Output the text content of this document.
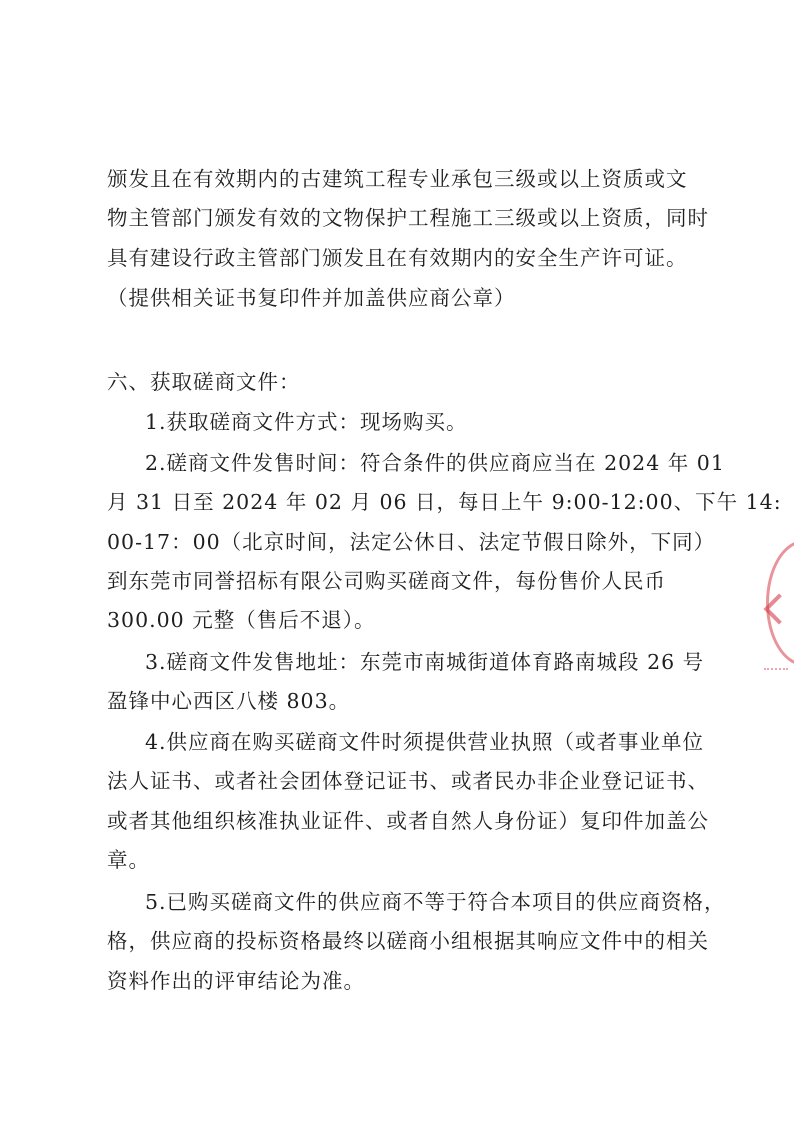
颁发且在有效期内的古建筑工程专业承包三级或以上资质或文
物主管部门颁发有效的文物保护工程施工三级或以上资质，同时
具有建设行政主管部门颁发且在有效期内的安全生产许可证。
（提供相关证书复印件并加盖供应商公章）
六、获取磋商文件：
1.获取磋商文件方式：现场购买。
2.磋商文件发售时间：符合条件的供应商应当在 2024 年 01
月 31 日至 2024 年 02 月 06 日，每日上午 9:00-12:00、下午 14:
00-17：00（北京时间，法定公休日、法定节假日除外，下同）
到东莞市同誉招标有限公司购买磋商文件，每份售价人民币
300.00 元整（售后不退）。
3.磋商文件发售地址：东莞市南城街道体育路南城段 26 号
盈锋中心西区八楼 803。
4.供应商在购买磋商文件时须提供营业执照（或者事业单位
法人证书、或者社会团体登记证书、或者民办非企业登记证书、
或者其他组织核准执业证件、或者自然人身份证）复印件加盖公
章。
5.已购买磋商文件的供应商不等于符合本项目的供应商资格，
格，供应商的投标资格最终以磋商小组根据其响应文件中的相关
资料作出的评审结论为准。
